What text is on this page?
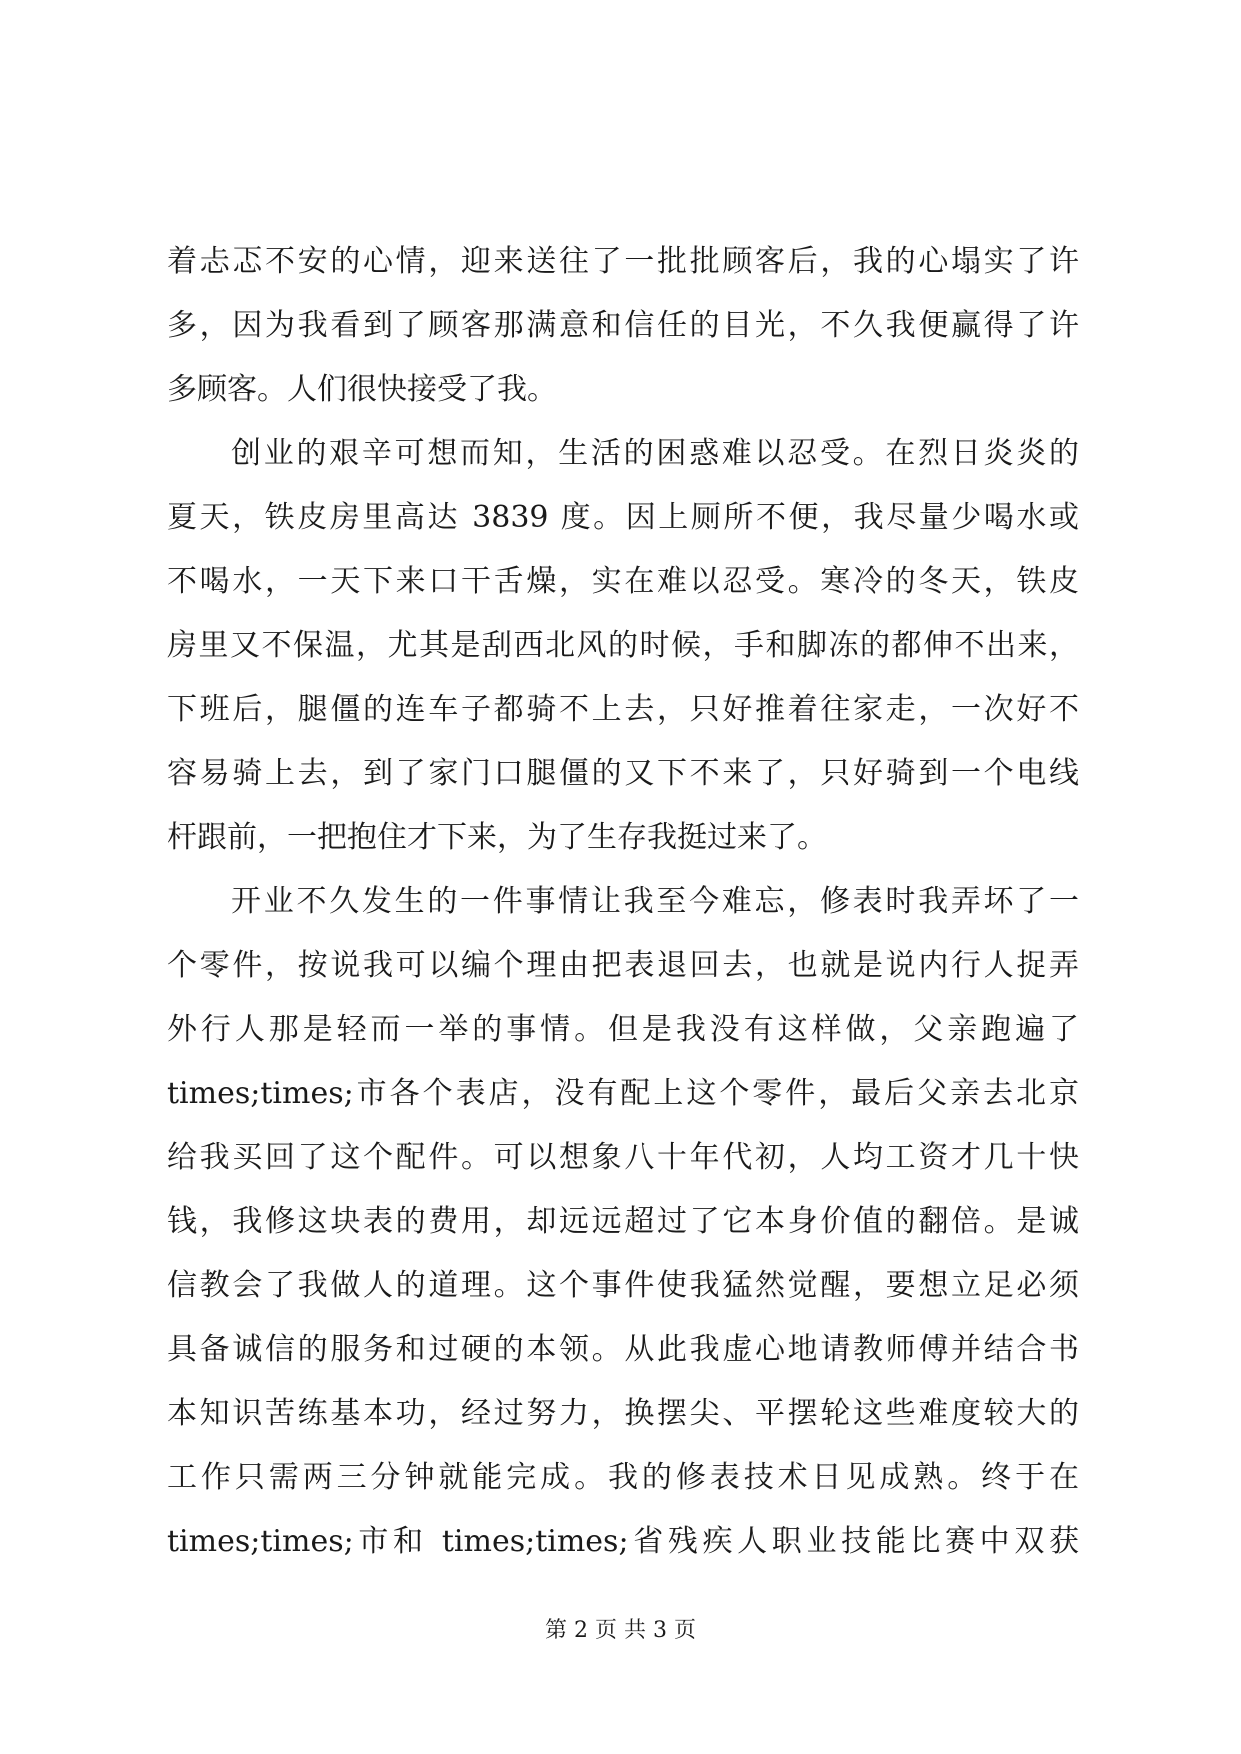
着忐忑不安的心情，迎来送往了一批批顾客后，我的心塌实了许
多，因为我看到了顾客那满意和信任的目光，不久我便赢得了许
多顾客。人们很快接受了我。
创业的艰辛可想而知，生活的困惑难以忍受。在烈日炎炎的
夏天，铁皮房里高达 3839 度。因上厕所不便，我尽量少喝水或
不喝水，一天下来口干舌燥，实在难以忍受。寒冷的冬天，铁皮
房里又不保温，尤其是刮西北风的时候，手和脚冻的都伸不出来，
下班后，腿僵的连车子都骑不上去，只好推着往家走，一次好不
容易骑上去，到了家门口腿僵的又下不来了，只好骑到一个电线
杆跟前，一把抱住才下来，为了生存我挺过来了。
开业不久发生的一件事情让我至今难忘，修表时我弄坏了一
个零件，按说我可以编个理由把表退回去，也就是说内行人捉弄
外行人那是轻而一举的事情。但是我没有这样做，父亲跑遍了
times;times;市各个表店，没有配上这个零件，最后父亲去北京
给我买回了这个配件。可以想象八十年代初，人均工资才几十快
钱，我修这块表的费用，却远远超过了它本身价值的翻倍。是诚
信教会了我做人的道理。这个事件使我猛然觉醒，要想立足必须
具备诚信的服务和过硬的本领。从此我虚心地请教师傅并结合书
本知识苦练基本功，经过努力，换摆尖、平摆轮这些难度较大的
工作只需两三分钟就能完成。我的修表技术日见成熟。终于在
times;times;市和 times;times;省残疾人职业技能比赛中双获
第 2 页 共 3 页
